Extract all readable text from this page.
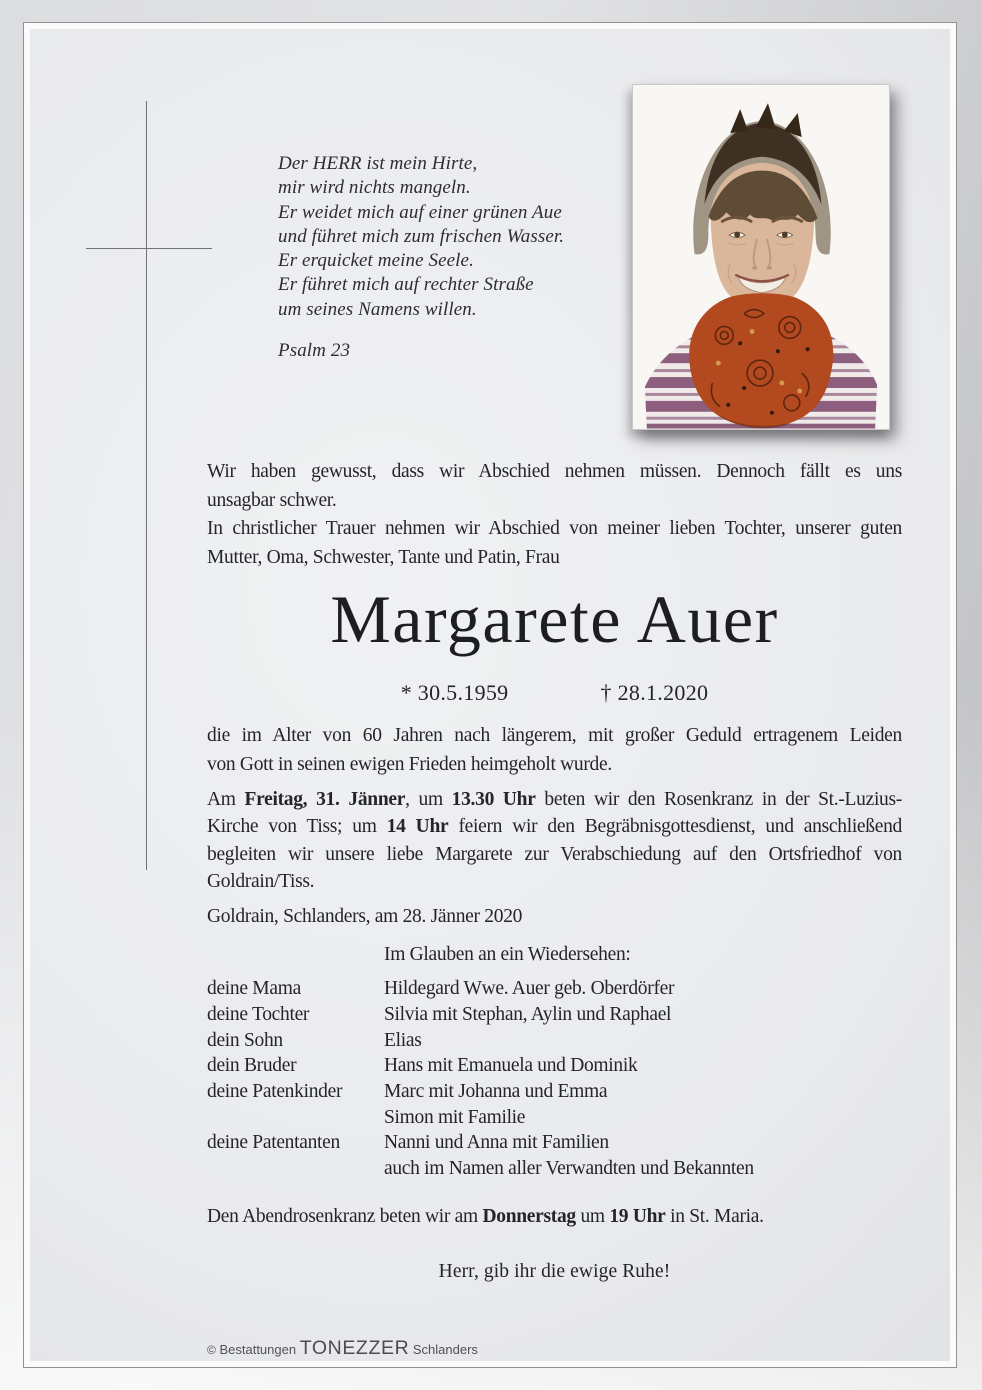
Der HERR ist mein Hirte,
mir wird nichts mangeln.
Er weidet mich auf einer grünen Aue
und führet mich zum frischen Wasser.
Er erquicket meine Seele.
Er führet mich auf rechter Straße
um seines Namens willen.
Psalm 23
Wir haben gewusst, dass wir Abschied nehmen müssen. Dennoch fällt es uns
unsagbar schwer.
In christlicher Trauer nehmen wir Abschied von meiner lieben Tochter, unserer guten
Mutter, Oma, Schwester, Tante und Patin, Frau
Margarete Auer
* 30.5.1959	† 28.1.2020
die im Alter von 60 Jahren nach längerem, mit großer Geduld ertragenem Leiden
von Gott in seinen ewigen Frieden heimgeholt wurde.
Am Freitag, 31. Jänner, um 13.30 Uhr beten wir den Rosenkranz in der St.-Luzius-
Kirche von Tiss; um 14 Uhr feiern wir den Begräbnisgottesdienst, und anschließend
begleiten wir unsere liebe Margarete zur Verabschiedung auf den Ortsfriedhof von
Goldrain/Tiss.
Goldrain, Schlanders, am 28. Jänner 2020
Im Glauben an ein Wiedersehen:
deine Mama	Hildegard Wwe. Auer geb. Oberdörfer
deine Tochter	Silvia mit Stephan, Aylin und Raphael
dein Sohn	Elias
dein Bruder	Hans mit Emanuela und Dominik
deine Patenkinder	Marc mit Johanna und Emma
Simon mit Familie
deine Patentanten	Nanni und Anna mit Familien
auch im Namen aller Verwandten und Bekannten
Den Abendrosenkranz beten wir am Donnerstag um 19 Uhr in St. Maria.
Herr, gib ihr die ewige Ruhe!
© Bestattungen TONEZZER Schlanders
